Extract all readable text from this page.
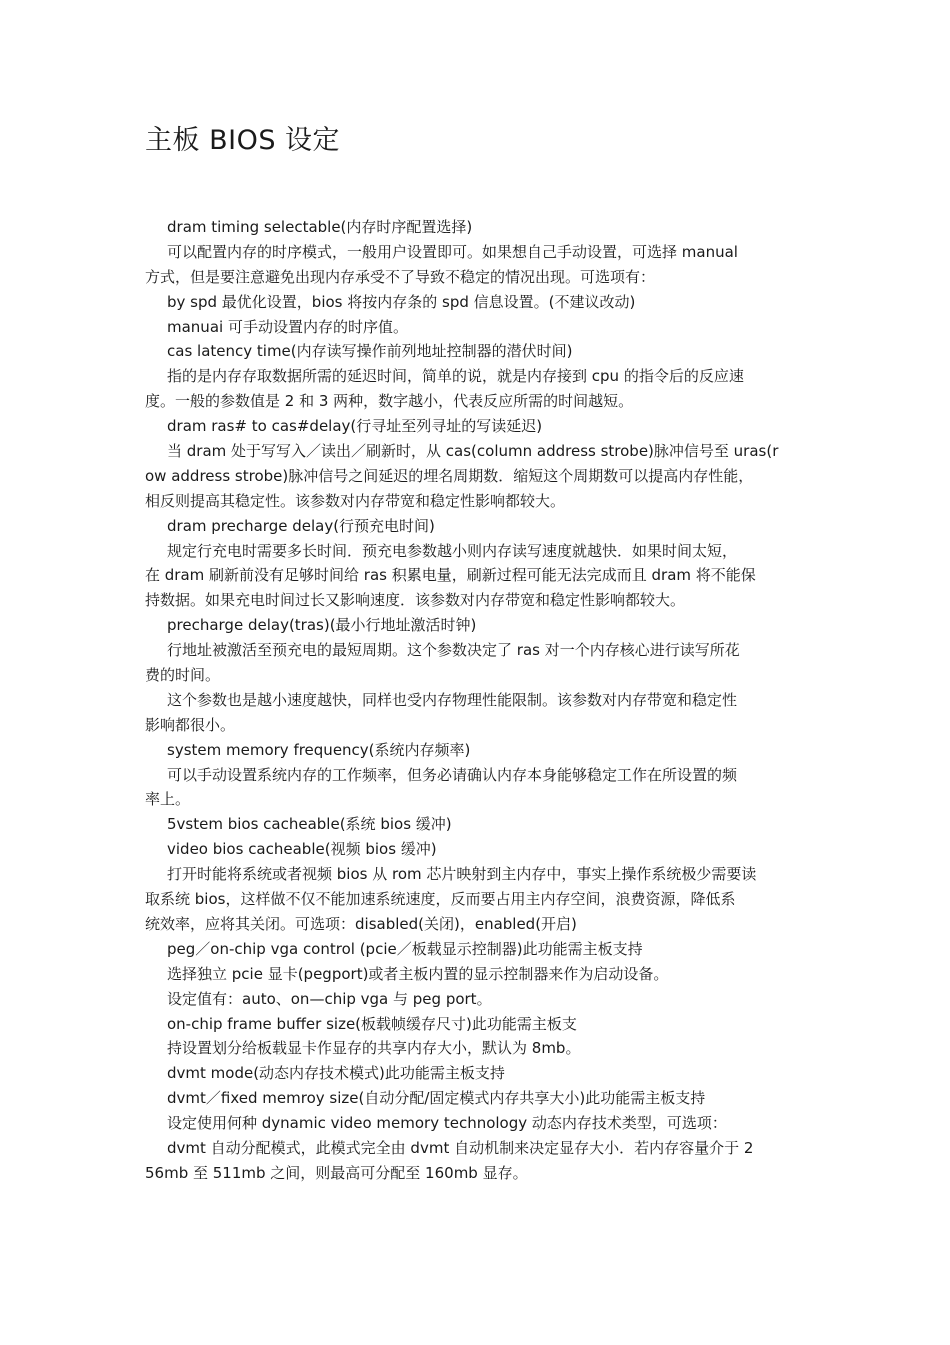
主板 BIOS 设定

dram timing selectable(内存时序配置选择)

可以配置内存的时序模式，一般用户设置即可。如果想自己手动设置，可选择 manual

方式，但是要注意避免出现内存承受不了导致不稳定的情况出现。可选项有：

by spd 最优化设置，bios 将按内存条的 spd 信息设置。(不建议改动)

manuai 可手动设置内存的时序值。

cas latency time(内存读写操作前列地址控制器的潜伏时间)

指的是内存存取数据所需的延迟时间，简单的说，就是内存接到 cpu 的指令后的反应速

度。一般的参数值是 2 和 3 两种，数字越小，代表反应所需的时间越短。

dram ras# to cas#delay(行寻址至列寻址的写读延迟)

当 dram 处于写写入／读出／刷新时，从 cas(column address strobe)脉冲信号至 uras(r

ow address strobe)脉冲信号之间延迟的埋名周期数．缩短这个周期数可以提高内存性能，

相反则提高其稳定性。该参数对内存带宽和稳定性影响都较大。

dram precharge delay(行预充电时间)

规定行充电时需要多长时间．预充电参数越小则内存读写速度就越快．如果时间太短，

在 dram 刷新前没有足够时间给 ras 积累电量，刷新过程可能无法完成而且 dram 将不能保

持数据。如果充电时间过长又影响速度．该参数对内存带宽和稳定性影响都较大。

precharge delay(tras)(最小行地址激活时钟)

行地址被激活至预充电的最短周期。这个参数决定了 ras 对一个内存核心进行读写所花

费的时间。

这个参数也是越小速度越快，同样也受内存物理性能限制。该参数对内存带宽和稳定性

影响都很小。

system memory frequency(系统内存频率)

可以手动设置系统内存的工作频率，但务必请确认内存本身能够稳定工作在所设置的频

率上。

5vstem bios cacheable(系统 bios 缓冲)

video bios cacheable(视频 bios 缓冲)

打开时能将系统或者视频 bios 从 rom 芯片映射到主内存中，事实上操作系统极少需要读

取系统 bios，这样做不仅不能加速系统速度，反而要占用主内存空间，浪费资源，降低系

统效率，应将其关闭。可选项：disabled(关闭)，enabled(开启)

peg／on-chip vga control (pcie／板载显示控制器)此功能需主板支持

选择独立 pcie 显卡(pegport)或者主板内置的显示控制器来作为启动设备。

设定值有：auto、on—chip vga 与 peg port。

on-chip frame buffer size(板载帧缓存尺寸)此功能需主板支

持设置划分给板载显卡作显存的共享内存大小，默认为 8mb。

dvmt mode(动态内存技术模式)此功能需主板支持

dvmt／fixed memroy size(自动分配/固定模式内存共享大小)此功能需主板支持

设定使用何种 dynamic video memory technology 动态内存技术类型，可选项：

dvmt 自动分配模式，此模式完全由 dvmt 自动机制来决定显存大小．若内存容量介于 2

56mb 至 511mb 之间，则最高可分配至 160mb 显存。
